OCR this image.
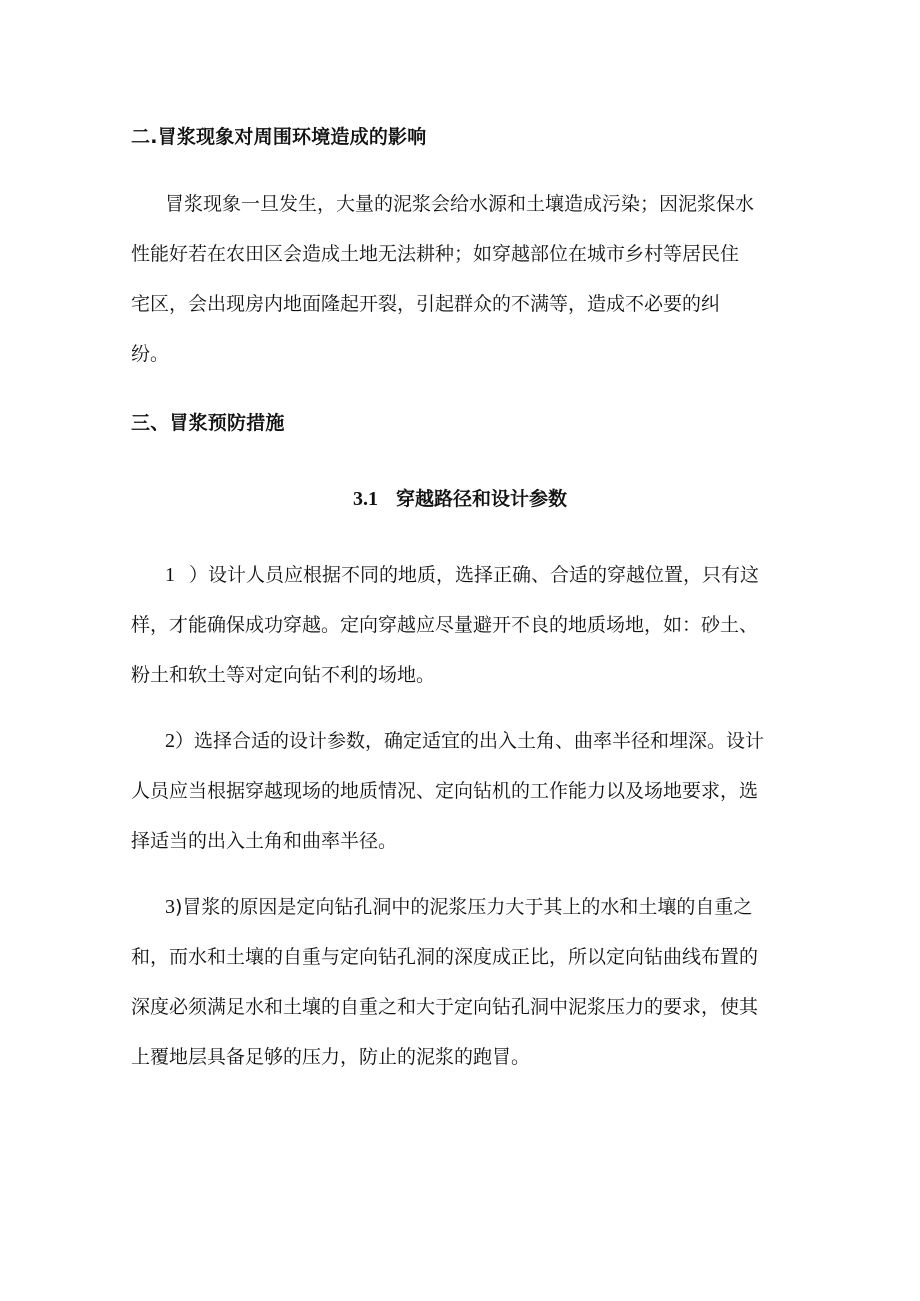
二.冒浆现象对周围环境造成的影响
冒浆现象一旦发生，大量的泥浆会给水源和土壤造成污染；因泥浆保水
性能好若在农田区会造成土地无法耕种；如穿越部位在城市乡村等居民住
宅区，会出现房内地面隆起开裂，引起群众的不满等，造成不必要的纠
纷。
三、冒浆预防措施
3.1 穿越路径和设计参数
1 ）设计人员应根据不同的地质，选择正确、合适的穿越位置，只有这
样，才能确保成功穿越。定向穿越应尽量避开不良的地质场地，如：砂土、
粉土和软土等对定向钻不利的场地。
2）选择合适的设计参数，确定适宜的出入土角、曲率半径和埋深。设计
人员应当根据穿越现场的地质情况、定向钻机的工作能力以及场地要求，选
择适当的出入土角和曲率半径。
3)冒浆的原因是定向钻孔洞中的泥浆压力大于其上的水和土壤的自重之
和，而水和土壤的自重与定向钻孔洞的深度成正比，所以定向钻曲线布置的
深度必须满足水和土壤的自重之和大于定向钻孔洞中泥浆压力的要求，使其
上覆地层具备足够的压力，防止的泥浆的跑冒。
